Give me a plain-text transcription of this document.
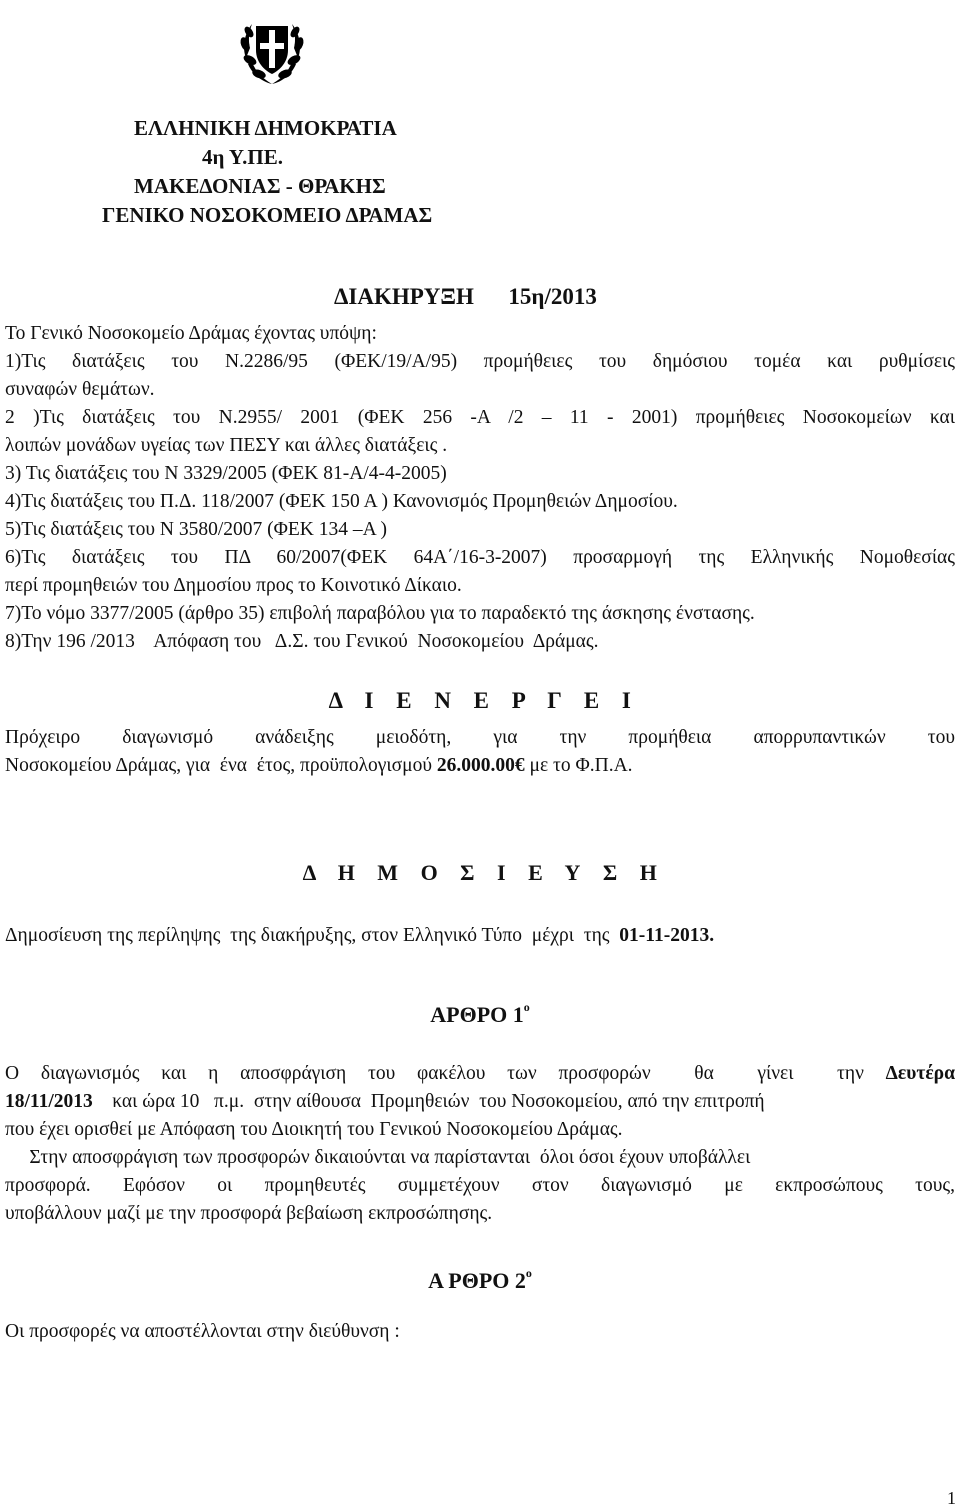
ΕΛΛΗΝΙΚΗ ΔΗΜΟΚΡΑΤΙΑ
4η Υ.ΠΕ.
ΜΑΚΕΔΟΝΙΑΣ - ΘΡΑΚΗΣ
ΓΕΝΙΚΟ ΝΟΣΟΚΟΜΕΙΟ ΔΡΑΜΑΣ
ΔΙΑΚΗΡΥΞΗ      15η/2013
Το Γενικό Νοσοκομείο Δράμας έχοντας υπόψη:
1)Τις διατάξεις του Ν.2286/95 (ΦΕΚ/19/Α/95) προμήθειες του δημόσιου τομέα και ρυθμίσεις
συναφών θεμάτων.
2 )Τις διατάξεις του Ν.2955/ 2001 (ΦΕΚ 256 -Α /2 – 11 - 2001) προμήθειες Νοσοκομείων και
λοιπών μονάδων υγείας των ΠΕΣΥ και άλλες διατάξεις .
3) Τις διατάξεις του Ν 3329/2005 (ΦΕΚ 81-Α/4-4-2005)
4)Τις διατάξεις του Π.Δ. 118/2007 (ΦΕΚ 150 Α ) Κανονισμός Προμηθειών Δημοσίου.
5)Τις διατάξεις του Ν 3580/2007 (ΦΕΚ 134 –Α )
6)Τις διατάξεις του ΠΔ 60/2007(ΦΕΚ 64Α΄/16-3-2007) προσαρμογή της Ελληνικής Νομοθεσίας
περί προμηθειών του Δημοσίου προς το Κοινοτικό Δίκαιο.
7)Το νόμο 3377/2005 (άρθρο 35) επιβολή παραβόλου για το παραδεκτό της άσκησης ένστασης.
8)Την 196 /2013    Απόφαση του   Δ.Σ. του Γενικού  Νοσοκομείου  Δράμας.
Δ Ι Ε Ν Ε Ρ Γ Ε Ι
Πρόχειρο διαγωνισμό ανάδειξης μειοδότη, για την προμήθεια απορρυπαντικών του
Νοσοκομείου Δράμας, για  ένα  έτος, προϋπολογισμού 26.000.00€ με το Φ.Π.Α.
Δ Η Μ Ο Σ Ι Ε Υ Σ Η
Δημοσίευση της περίληψης  της διακήρυξης, στον Ελληνικό Τύπο  μέχρι  της  01-11-2013.
ΑΡΘΡΟ $1^o$
Ο  διαγωνισμός  και  η  αποσφράγιση  του  φακέλου  των  προσφορών    θα    γίνει    την  Δευτέρα
18/11/2013    και ώρα 10   π.μ.  στην αίθουσα  Προμηθειών  του Νοσοκομείου, από την επιτροπή
που έχει ορισθεί με Απόφαση του Διοικητή του Γενικού Νοσοκομείου Δράμας.
Στην αποσφράγιση των προσφορών δικαιούνται να παρίστανται  όλοι όσοι έχουν υποβάλλει
προσφορά. Εφόσον οι προμηθευτές συμμετέχουν στον διαγωνισμό με εκπροσώπους τους,
υποβάλλουν μαζί με την προσφορά βεβαίωση εκπροσώπησης.
Α ΡΘΡΟ $2^o$
Οι προσφορές να αποστέλλονται στην διεύθυνση :
1
